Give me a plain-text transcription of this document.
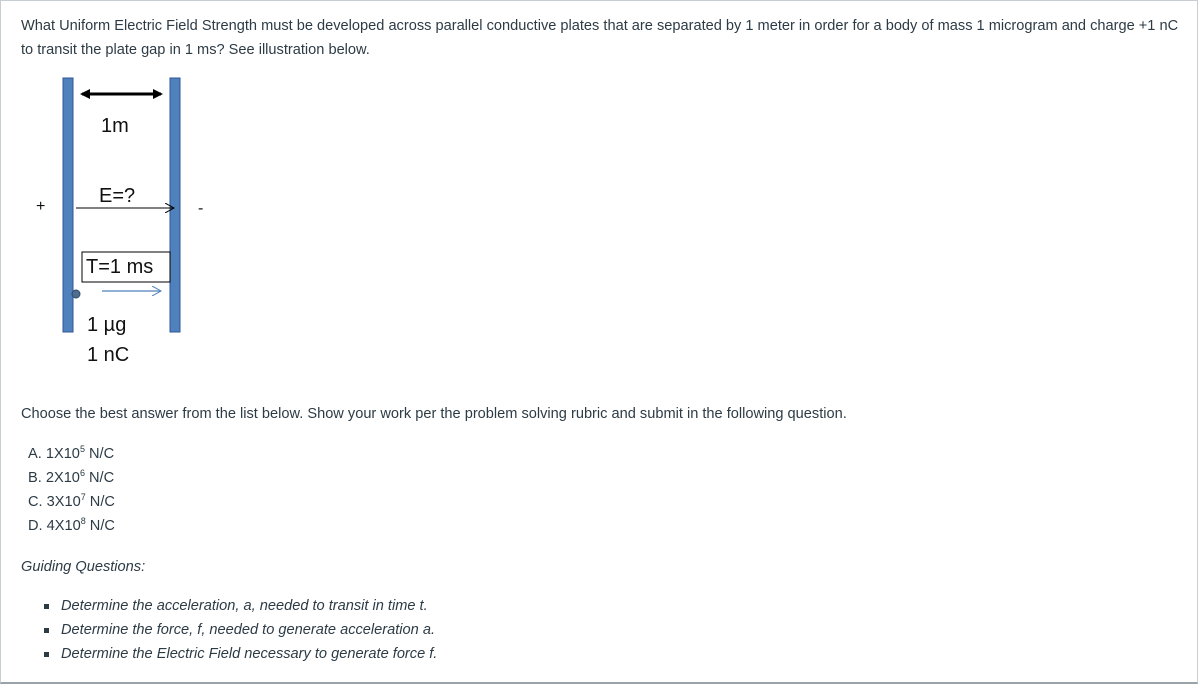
What Uniform Electric Field Strength must be developed across parallel conductive plates that are separated by 1 meter in order for a body of mass 1 microgram and charge +1 nC to transit the plate gap in 1 ms? See illustration below.
+	-
1m
E=?
T=1 ms
1 µg
1 nC
Choose the best answer from the list below. Show your work per the problem solving rubric and submit in the following question.
A. $1X10^5$ N/C
B. $2X10^6$ N/C
C. $3X10^7$ N/C
D. $4X10^8$ N/C
Guiding Questions:
Determine the acceleration, a, needed to transit in time t.
Determine the force, f, needed to generate acceleration a.
Determine the Electric Field necessary to generate force f.
